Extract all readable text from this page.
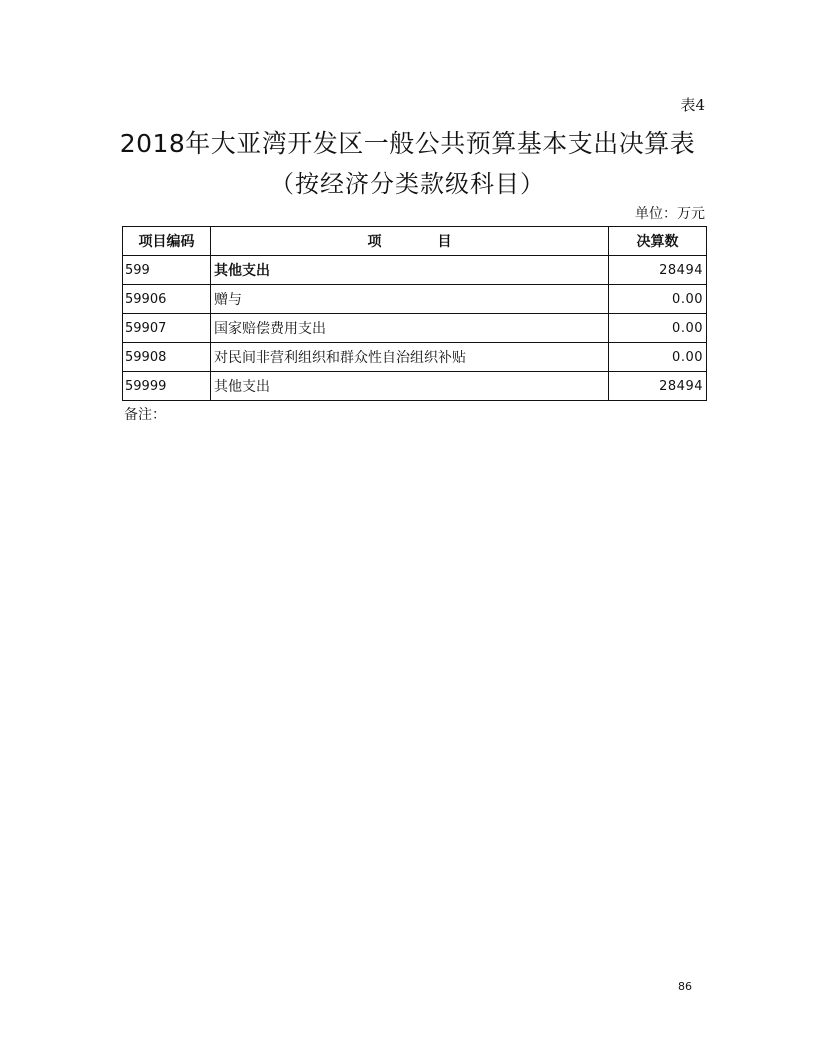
表4
2018年大亚湾开发区一般公共预算基本支出决算表
（按经济分类款级科目）
单位：万元
项目编码	项　　　　目	决算数
599	其他支出	28494
59906	赠与	0.00
59907	国家赔偿费用支出	0.00
59908	对民间非营利组织和群众性自治组织补贴	0.00
59999	其他支出	28494
备注：
86
